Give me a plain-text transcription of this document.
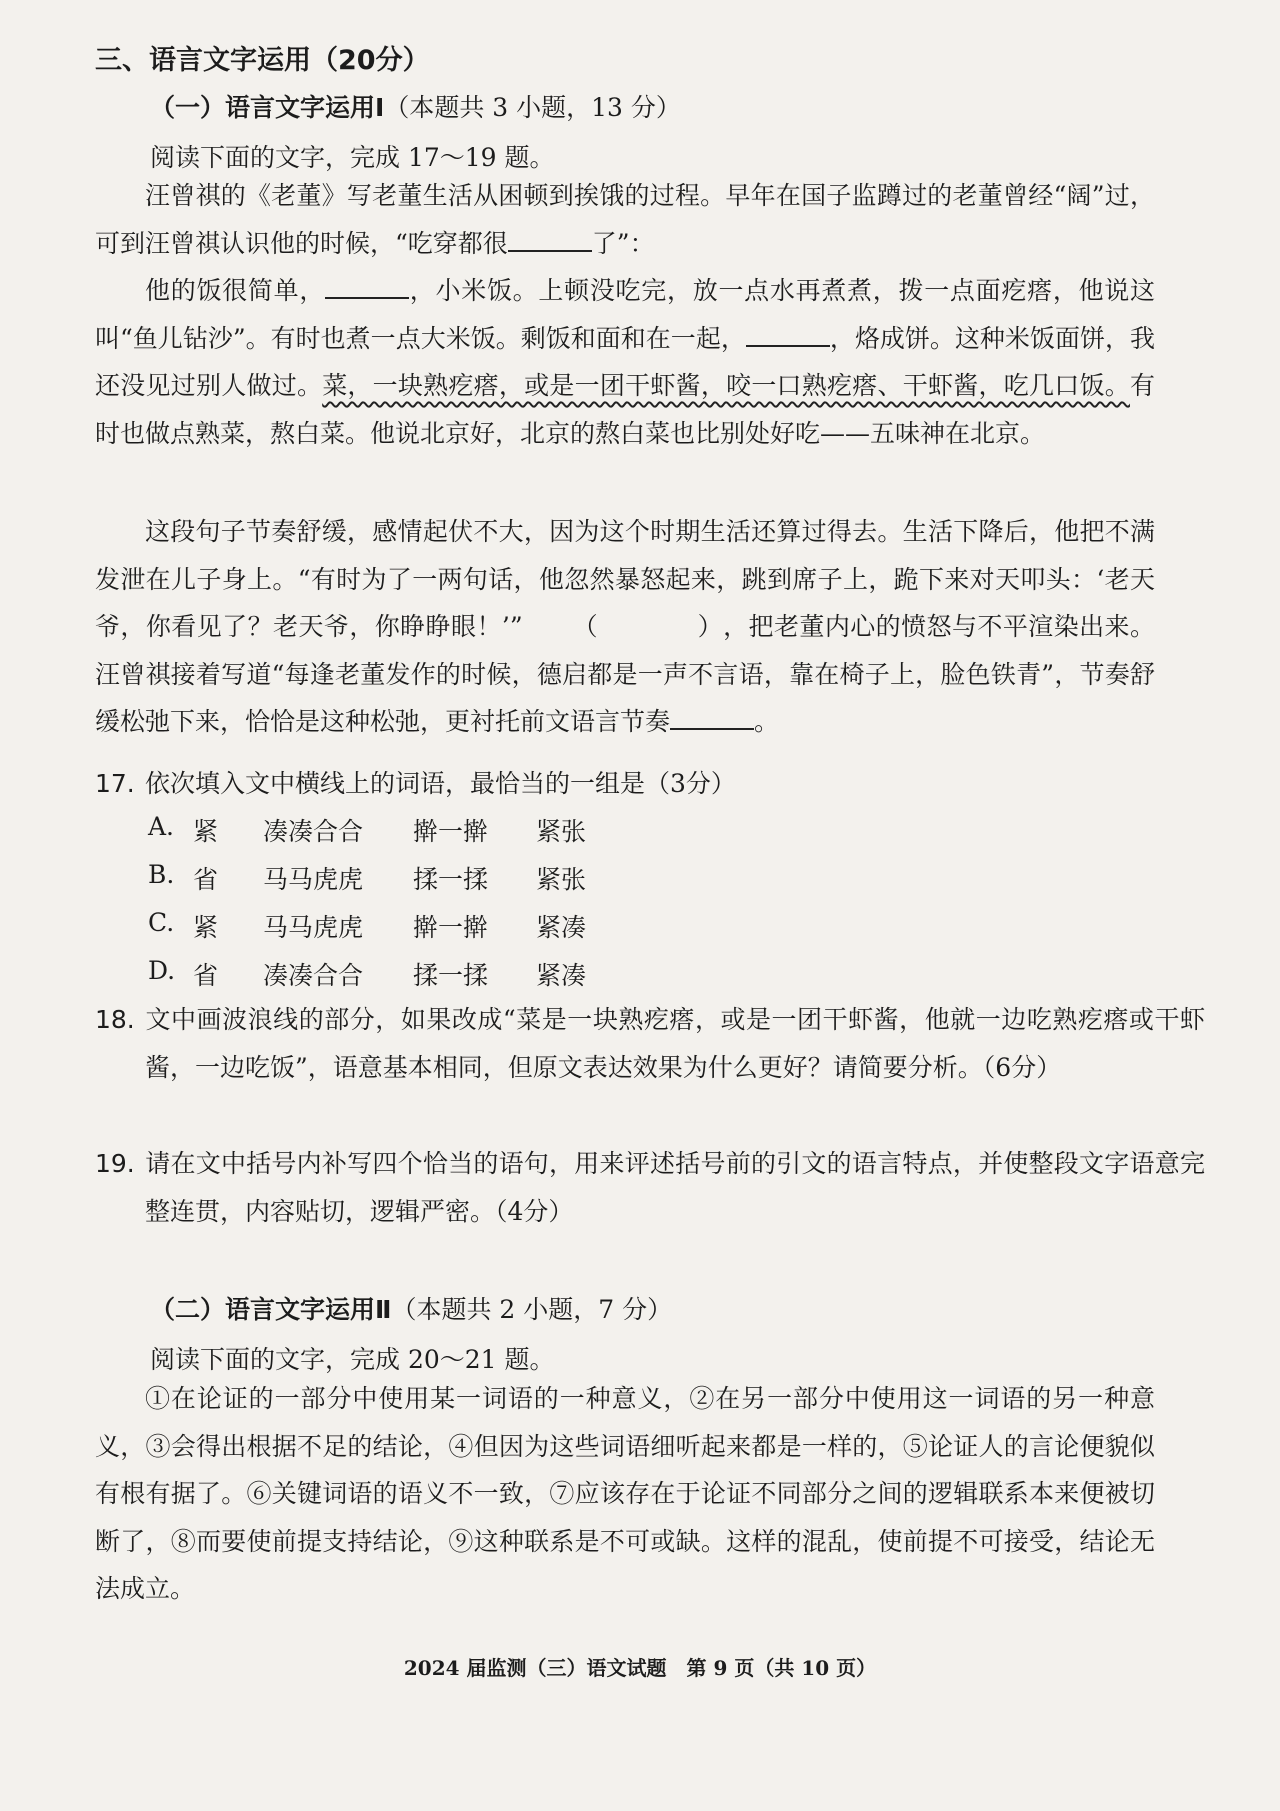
三、语言文字运用（20分）
（一）语言文字运用Ⅰ（本题共 3 小题，13 分）
阅读下面的文字，完成 17～19 题。
汪曾祺的《老董》写老董生活从困顿到挨饿的过程。早年在国子监蹲过的老董曾经“阔”过，可到汪曾祺认识他的时候，“吃穿都很	了”：
他的饭很简单，	，小米饭。上顿没吃完，放一点水再煮煮，拨一点面疙瘩，他说这叫“鱼儿钻沙”。有时也煮一点大米饭。剩饭和面和在一起，	，烙成饼。这种米饭面饼，我还没见过别人做过。菜，一块熟疙瘩，或是一团干虾酱，咬一口熟疙瘩、干虾酱，吃几口饭。有时也做点熟菜，熬白菜。他说北京好，北京的熬白菜也比别处好吃——五味神在北京。
这段句子节奏舒缓，感情起伏不大，因为这个时期生活还算过得去。生活下降后，他把不满发泄在儿子身上。“有时为了一两句话，他忽然暴怒起来，跳到席子上，跪下来对天叩头：‘老天爷，你看见了？老天爷，你睁睁眼！’” （　　　　），把老董内心的愤怒与不平渲染出来。汪曾祺接着写道“每逢老董发作的时候，德启都是一声不言语，靠在椅子上，脸色铁青”，节奏舒缓松弛下来，恰恰是这种松弛，更衬托前文语言节奏	。
17. 依次填入文中横线上的词语，最恰当的一组是（3分）
A. 紧 凑凑合合 擀一擀 紧张
B. 省 马马虎虎 揉一揉 紧张
C. 紧 马马虎虎 擀一擀 紧凑
D. 省 凑凑合合 揉一揉 紧凑
18. 文中画波浪线的部分，如果改成“菜是一块熟疙瘩，或是一团干虾酱，他就一边吃熟疙瘩或干虾酱，一边吃饭”，语意基本相同，但原文表达效果为什么更好？请简要分析。（6分）
19. 请在文中括号内补写四个恰当的语句，用来评述括号前的引文的语言特点，并使整段文字语意完整连贯，内容贴切，逻辑严密。（4分）
（二）语言文字运用Ⅱ（本题共 2 小题，7 分）
阅读下面的文字，完成 20～21 题。
①在论证的一部分中使用某一词语的一种意义，②在另一部分中使用这一词语的另一种意义，③会得出根据不足的结论，④但因为这些词语细听起来都是一样的，⑤论证人的言论便貌似有根有据了。⑥关键词语的语义不一致，⑦应该存在于论证不同部分之间的逻辑联系本来便被切断了，⑧而要使前提支持结论，⑨这种联系是不可或缺。这样的混乱，使前提不可接受，结论无法成立。
2024 届监测（三）语文试题　第 9 页（共 10 页）
